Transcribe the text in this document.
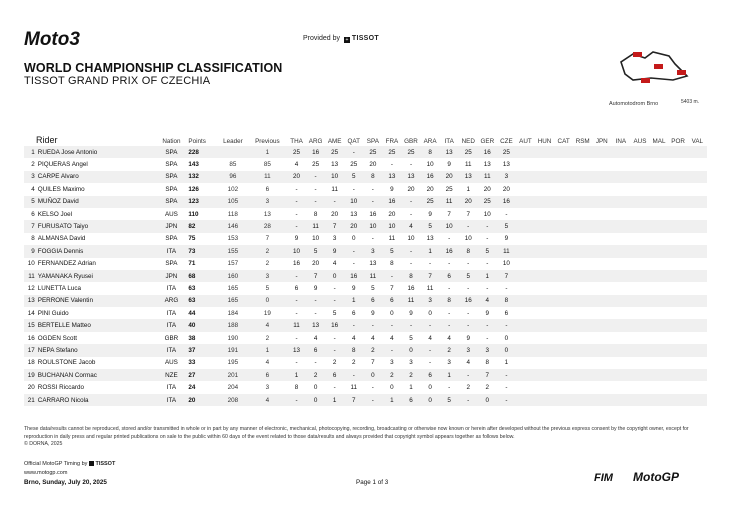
Moto3	Provided by + TISSOT
WORLD CHAMPIONSHIP CLASSIFICATION
TISSOT GRAND PRIX OF CZECHIA
Automotodrom Brno	5403 m.
Rider		Nation	Points	Leader	Previous	THA	ARG	AME	QAT	SPA	FRA	GBR	ARA	ITA	NED	GER	CZE	AUT	HUN	CAT	RSM	JPN	INA	AUS	MAL	POR	VAL
1	RUEDA Jose Antonio	SPA	228		1	25	16	25	-	25	25	25	8	13	25	16	25										
2	PIQUERAS Angel	SPA	143	85	85	4	25	13	25	20	-	-	10	9	11	13	13										
3	CARPE Alvaro	SPA	132	96	11	20	-	10	5	8	13	13	16	20	13	11	3										
4	QUILES Maximo	SPA	126	102	6	-	-	11	-	-	9	20	20	25	1	20	20										
5	MUÑOZ David	SPA	123	105	3	-	-	-	10	-	16	-	25	11	20	25	16										
6	KELSO Joel	AUS	110	118	13	-	8	20	13	16	20	-	9	7	7	10	-										
7	FURUSATO Taiyo	JPN	82	146	28	-	11	7	20	10	10	4	5	10	-	-	5										
8	ALMANSA David	SPA	75	153	7	9	10	3	0	-	11	10	13	-	10	-	9										
9	FOGGIA Dennis	ITA	73	155	2	10	5	9	-	3	5	-	1	16	8	5	11										
10	FERNANDEZ Adrian	SPA	71	157	2	16	20	4	-	13	8	-	-	-	-	-	10										
11	YAMANAKA Ryusei	JPN	68	160	3	-	7	0	16	11	-	8	7	6	5	1	7										
12	LUNETTA Luca	ITA	63	165	5	6	9	-	9	5	7	16	11	-	-	-	-										
13	PERRONE Valentin	ARG	63	165	0	-	-	-	1	6	6	11	3	8	16	4	8										
14	PINI Guido	ITA	44	184	19	-	-	5	6	9	0	9	0	-	-	9	6										
15	BERTELLE Matteo	ITA	40	188	4	11	13	16	-	-	-	-	-	-	-	-	-										
16	OGDEN Scott	GBR	38	190	2	-	4	-	4	4	4	5	4	4	9	-	0										
17	NEPA Stefano	ITA	37	191	1	13	6	-	8	2	-	0	-	2	3	3	0										
18	ROULSTONE Jacob	AUS	33	195	4	-	-	2	2	7	3	3	-	3	4	8	1										
19	BUCHANAN Cormac	NZE	27	201	6	1	2	6	-	0	2	2	6	1	-	7	-										
20	ROSSI Riccardo	ITA	24	204	3	8	0	-	11	-	0	1	0	-	2	2	-										
21	CARRARO Nicola	ITA	20	208	4	-	0	1	7	-	1	6	0	5	-	0	-										
These data/results cannot be reproduced, stored and/or transmitted in whole or in part by any manner of electronic, mechanical, photocopying, recording, broadcasting or otherwise now known or herein after developed without the previous express consent by the copyright owner, except for reproduction in daily press and regular printed publications on sale to the public within 60 days of the event related to those data/results and always provided that copyright symbol appears together as follows below.
© DORNA, 2025
Official MotoGP Timing by TISSOT
www.motogp.com
Brno, Sunday, July 20, 2025	Page 1 of 3	FIM MotoGP
